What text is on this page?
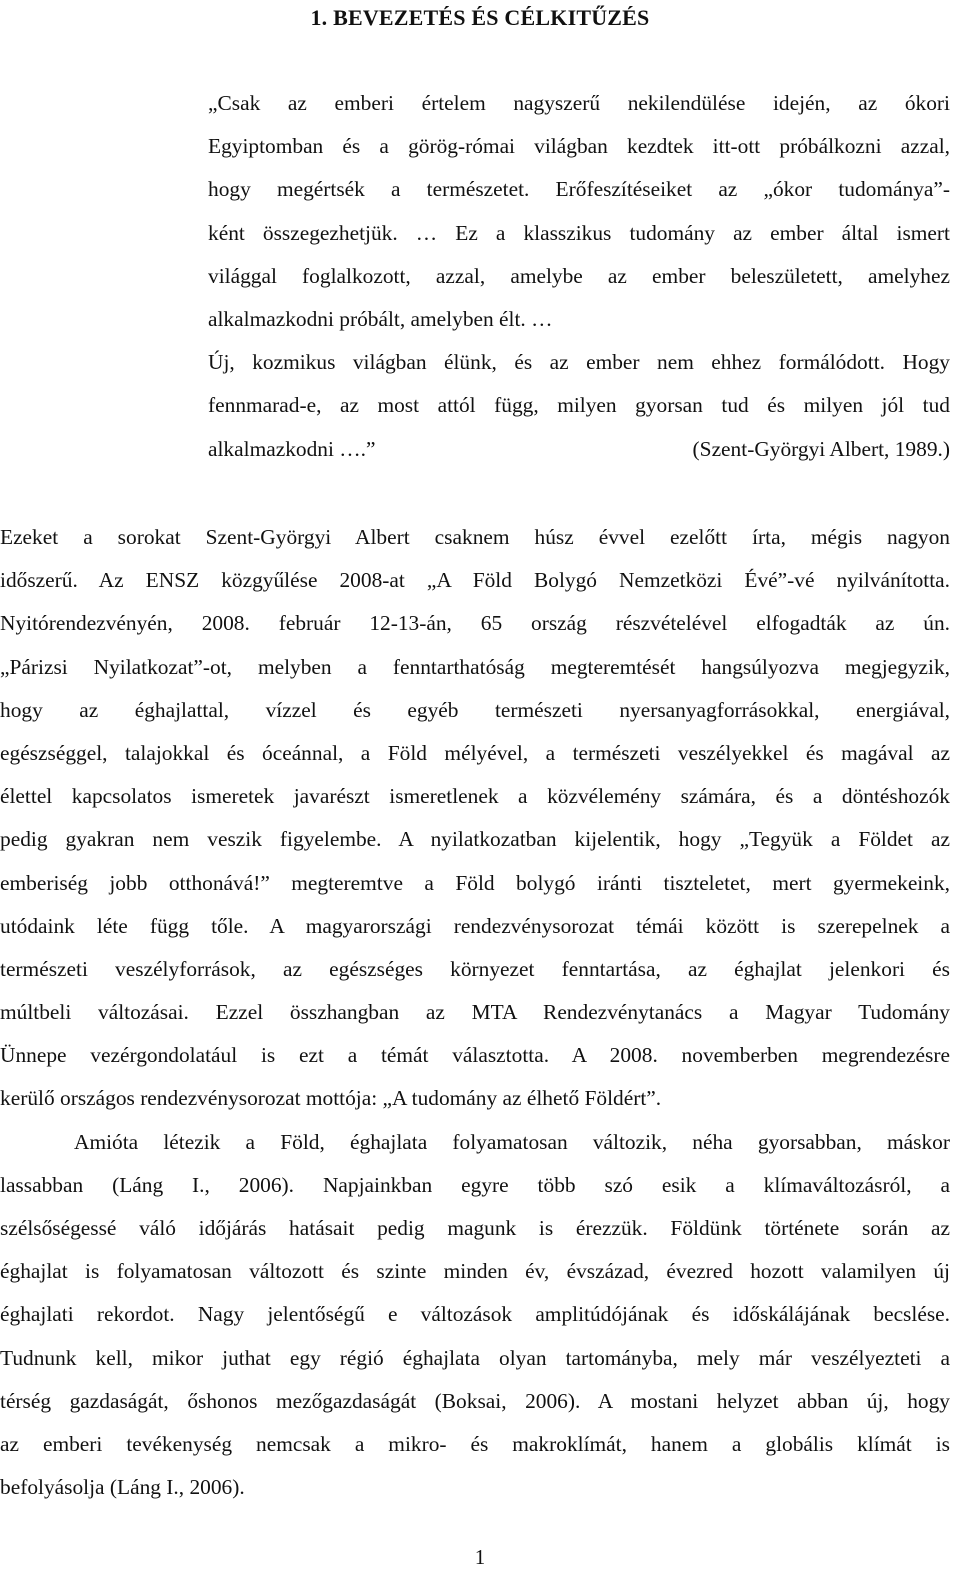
1. BEVEZETÉS ÉS CÉLKITŰZÉS
„Csak az emberi értelem nagyszerű nekilendülése idején, az ókori
Egyiptomban és a görög-római világban kezdtek itt-ott próbálkozni azzal,
hogy megértsék a természetet. Erőfeszítéseiket az „ókor tudománya”-
ként összegezhetjük. … Ez a klasszikus tudomány az ember által ismert
világgal foglalkozott, azzal, amelybe az ember beleszületett, amelyhez
alkalmazkodni próbált, amelyben élt. …
Új, kozmikus világban élünk, és az ember nem ehhez formálódott. Hogy
fennmarad-e, az most attól függ, milyen gyorsan tud és milyen jól tud
alkalmazkodni ….”	(Szent-Györgyi Albert, 1989.)
Ezeket a sorokat Szent-Györgyi Albert csaknem húsz évvel ezelőtt írta, mégis nagyon
időszerű. Az ENSZ közgyűlése 2008-at „A Föld Bolygó Nemzetközi Évé”-vé nyilvánította.
Nyitórendezvényén, 2008. február 12-13-án, 65 ország részvételével elfogadták az ún.
„Párizsi Nyilatkozat”-ot, melyben a fenntarthatóság megteremtését hangsúlyozva megjegyzik,
hogy az éghajlattal, vízzel és egyéb természeti nyersanyagforrásokkal, energiával,
egészséggel, talajokkal és óceánnal, a Föld mélyével, a természeti veszélyekkel és magával az
élettel kapcsolatos ismeretek javarészt ismeretlenek a közvélemény számára, és a döntéshozók
pedig gyakran nem veszik figyelembe. A nyilatkozatban kijelentik, hogy „Tegyük a Földet az
emberiség jobb otthonává!” megteremtve a Föld bolygó iránti tiszteletet, mert gyermekeink,
utódaink léte függ tőle. A magyarországi rendezvénysorozat témái között is szerepelnek a
természeti veszélyforrások, az egészséges környezet fenntartása, az éghajlat jelenkori és
múltbeli változásai. Ezzel összhangban az MTA Rendezvénytanács a Magyar Tudomány
Ünnepe vezérgondolatául is ezt a témát választotta. A 2008. novemberben megrendezésre
kerülő országos rendezvénysorozat mottója: „A tudomány az élhető Földért”.
Amióta létezik a Föld, éghajlata folyamatosan változik, néha gyorsabban, máskor
lassabban (Láng I., 2006). Napjainkban egyre több szó esik a klímaváltozásról, a
szélsőségessé váló időjárás hatásait pedig magunk is érezzük. Földünk története során az
éghajlat is folyamatosan változott és szinte minden év, évszázad, évezred hozott valamilyen új
éghajlati rekordot. Nagy jelentőségű e változások amplitúdójának és időskálájának becslése.
Tudnunk kell, mikor juthat egy régió éghajlata olyan tartományba, mely már veszélyezteti a
térség gazdaságát, őshonos mezőgazdaságát (Boksai, 2006). A mostani helyzet abban új, hogy
az emberi tevékenység nemcsak a mikro- és makroklímát, hanem a globális klímát is
befolyásolja (Láng I., 2006).
1
